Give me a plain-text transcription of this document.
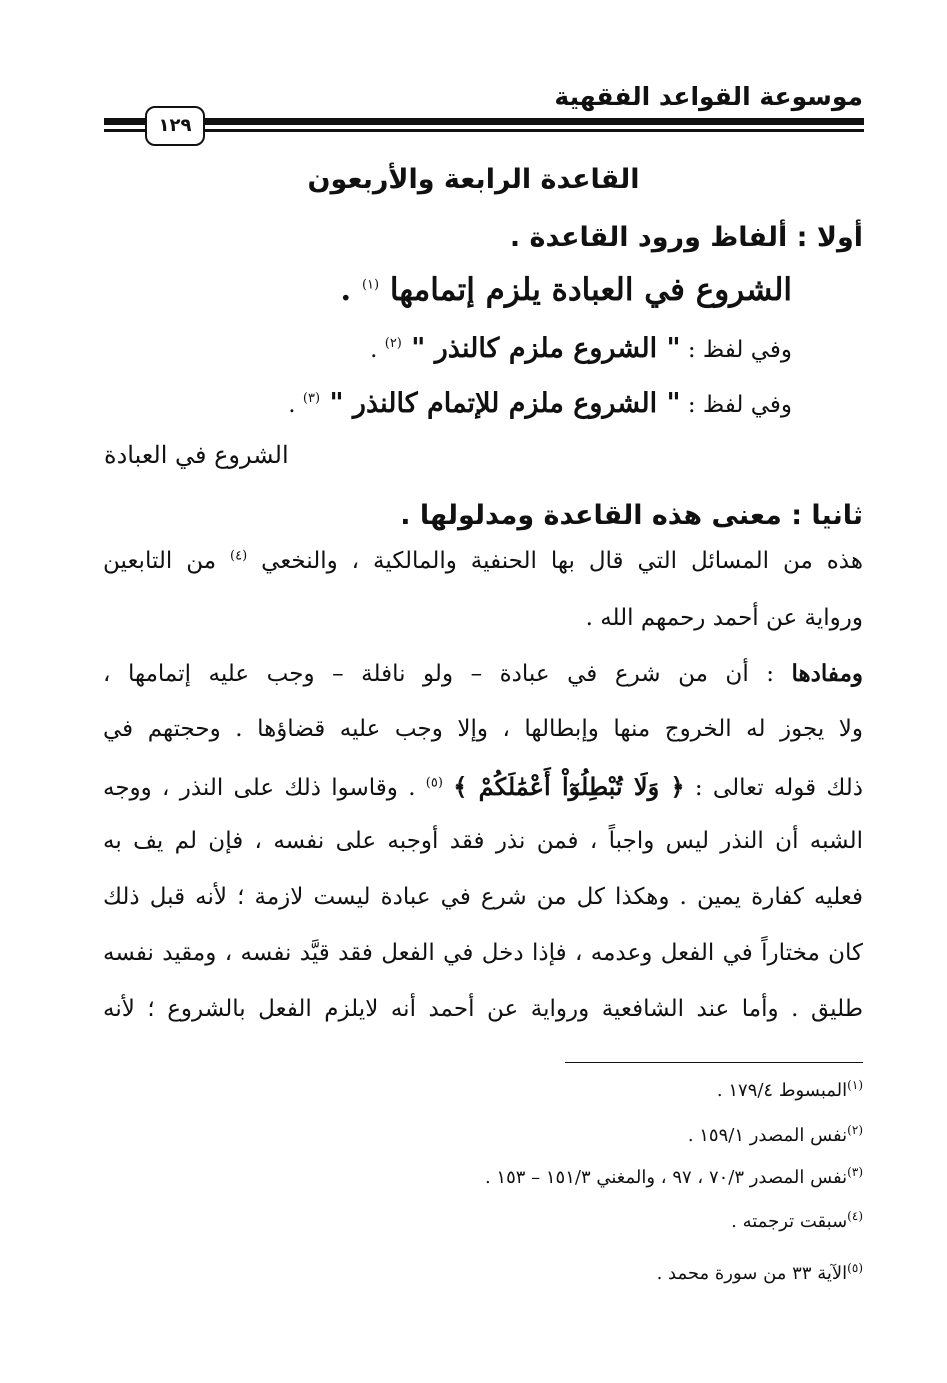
موسوعة القواعد الفقهية
١٢٩
القاعدة الرابعة والأربعون
أولا : ألفاظ ورود القاعدة .
الشروع في العبادة يلزم إتمامها $^{(١)}$ .
وفي لفظ : " الشروع ملزم كالنذر " $^{(٢)}$ .
وفي لفظ : " الشروع ملزم للإتمام كالنذر " $^{(٣)}$ .
الشروع في العبادة
ثانيا : معنى هذه القاعدة ومدلولها .
هذه من المسائل التي قال بها الحنفية والمالكية ، والنخعي $^{(٤)}$ من التابعين
ورواية عن أحمد رحمهم الله .
ومفادها : أن من شرع في عبادة – ولو نافلة – وجب عليه إتمامها ،
ولا يجوز له الخروج منها وإبطالها ، وإلا وجب عليه قضاؤها . وحجتهم في
ذلك قوله تعالى : ﴿ وَلَا تُبْطِلُوٓاْ أَعْمَٰلَكُمْ ﴾ $^{(٥)}$ . وقاسوا ذلك على النذر ، ووجه
الشبه أن النذر ليس واجباً ، فمن نذر فقد أوجبه على نفسه ، فإن لم يف به
فعليه كفارة يمين . وهكذا كل من شرع في عبادة ليست لازمة ؛ لأنه قبل ذلك
كان مختاراً في الفعل وعدمه ، فإذا دخل في الفعل فقد قيَّد نفسه ، ومقيد نفسه
طليق . وأما عند الشافعية ورواية عن أحمد أنه لايلزم الفعل بالشروع ؛ لأنه
$^{(١)}$المبسوط ١٧٩/٤ .
$^{(٢)}$نفس المصدر ١٥٩/١ .
$^{(٣)}$نفس المصدر ٧٠/٣ ، ٩٧ ، والمغني ١٥١/٣ – ١٥٣ .
$^{(٤)}$سبقت ترجمته .
$^{(٥)}$الآية ٣٣ من سورة محمد .
